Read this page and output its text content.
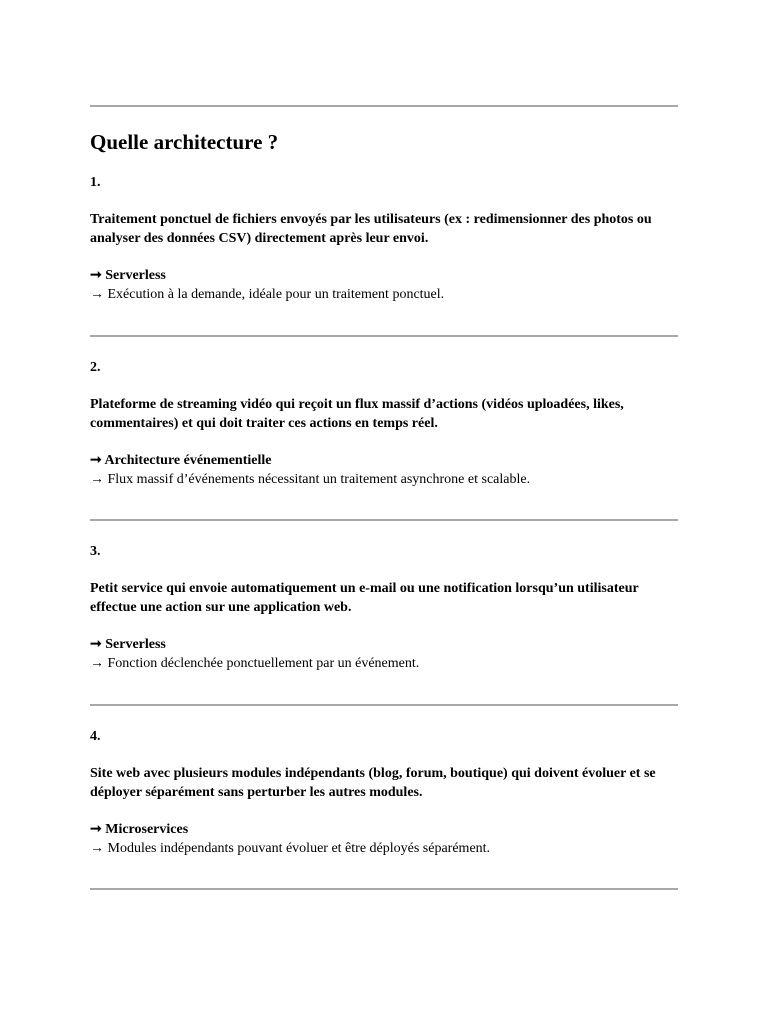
Quelle architecture ?

1.

Traitement ponctuel de fichiers envoyés par les utilisateurs (ex : redimensionner des photos ou analyser des données CSV) directement après leur envoi.

➞ Serverless

→ Exécution à la demande, idéale pour un traitement ponctuel.

2.

Plateforme de streaming vidéo qui reçoit un flux massif d’actions (vidéos uploadées, likes, commentaires) et qui doit traiter ces actions en temps réel.

➞ Architecture événementielle

→ Flux massif d’événements nécessitant un traitement asynchrone et scalable.

3.

Petit service qui envoie automatiquement un e-mail ou une notification lorsqu’un utilisateur effectue une action sur une application web.

➞ Serverless

→ Fonction déclenchée ponctuellement par un événement.

4.

Site web avec plusieurs modules indépendants (blog, forum, boutique) qui doivent évoluer et se déployer séparément sans perturber les autres modules.

➞ Microservices

→ Modules indépendants pouvant évoluer et être déployés séparément.
